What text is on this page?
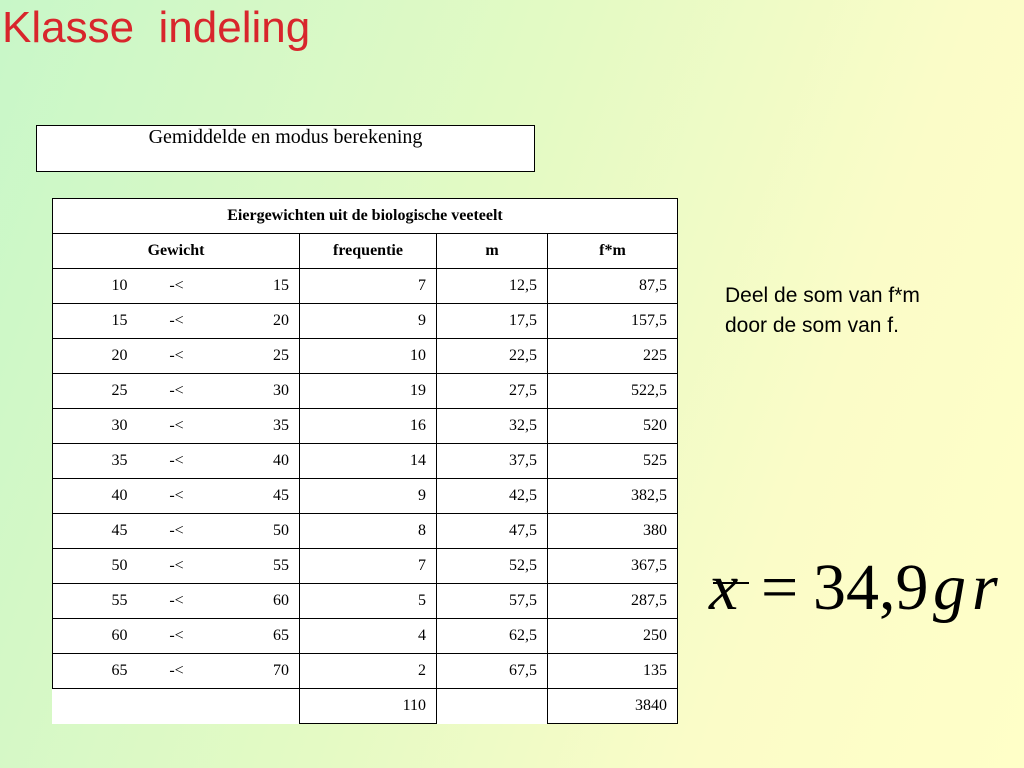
Klasse  indeling
Gemiddelde en modus berekening
Eiergewichten uit de biologische veeteelt					
Gewicht			frequentie	m	f*m
10	-<	15	7	12,5	87,5
15	-<	20	9	17,5	157,5
20	-<	25	10	22,5	225
25	-<	30	19	27,5	522,5
30	-<	35	16	32,5	520
35	-<	40	14	37,5	525
40	-<	45	9	42,5	382,5
45	-<	50	8	47,5	380
50	-<	55	7	52,5	367,5
55	-<	60	5	57,5	287,5
60	-<	65	4	62,5	250
65	-<	70	2	67,5	135
			110		3840
Deel de som van f*m door de som van f.
x = 34,9 gr
